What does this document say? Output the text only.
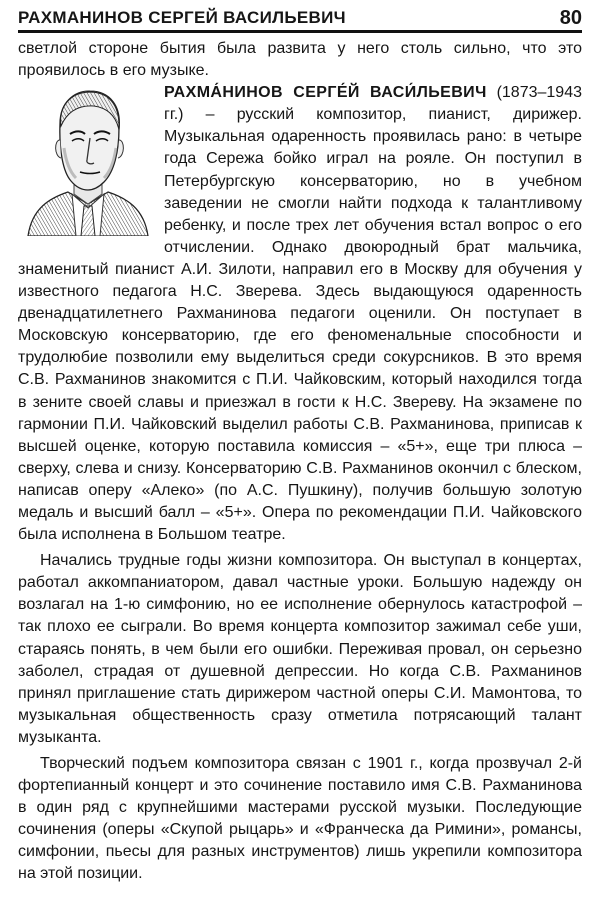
РАХМАНИНОВ СЕРГЕЙ ВАСИЛЬЕВИЧ	80

светлой стороне бытия была развита у него столь сильно, что это проявилось в его музыке.

РАХМА́НИНОВ СЕРГЕ́Й ВАСИ́ЛЬЕВИЧ (1873–1943 гг.) – русский композитор, пианист, дирижер. Музыкальная одаренность проявилась рано: в четыре года Сережа бойко играл на рояле. Он поступил в Петербургскую консерваторию, но в учебном заведении не смогли найти подхода к талантливому ребенку, и после трех лет обучения встал вопрос о его отчислении. Однако двоюродный брат мальчика, знаменитый пианист А.И. Зилоти, направил его в Москву для обучения у известного педагога Н.С. Зверева. Здесь выдающуюся одаренность двенадцатилетнего Рахманинова педагоги оценили. Он поступает в Московскую консерваторию, где его феноменальные способности и трудолюбие позволили ему выделиться среди сокурсников. В это время С.В. Рахманинов знакомится с П.И. Чайковским, который находился тогда в зените своей славы и приезжал в гости к Н.С. Звереву. На экзамене по гармонии П.И. Чайковский выделил работы С.В. Рахманинова, приписав к высшей оценке, которую поставила комиссия – «5+», еще три плюса – сверху, слева и снизу. Консерваторию С.В. Рахманинов окончил с блеском, написав оперу «Алеко» (по А.С. Пушкину), получив большую золотую медаль и высший балл – «5+». Опера по рекомендации П.И. Чайковского была исполнена в Большом театре.

Начались трудные годы жизни композитора. Он выступал в концертах, работал аккомпаниатором, давал частные уроки. Большую надежду он возлагал на 1-ю симфонию, но ее исполнение обернулось катастрофой – так плохо ее сыграли. Во время концерта композитор зажимал себе уши, стараясь понять, в чем были его ошибки. Переживая провал, он серьезно заболел, страдая от душевной депрессии. Но когда С.В. Рахманинов принял приглашение стать дирижером частной оперы С.И. Мамонтова, то музыкальная общественность сразу отметила потрясающий талант музыканта.

Творческий подъем композитора связан с 1901 г., когда прозвучал 2-й фортепианный концерт и это сочинение поставило имя С.В. Рахманинова в один ряд с крупнейшими мастерами русской музыки. Последующие сочинения (оперы «Скупой рыцарь» и «Франческа да Римини», романсы, симфонии, пьесы для разных инструментов) лишь укрепили композитора на этой позиции.
